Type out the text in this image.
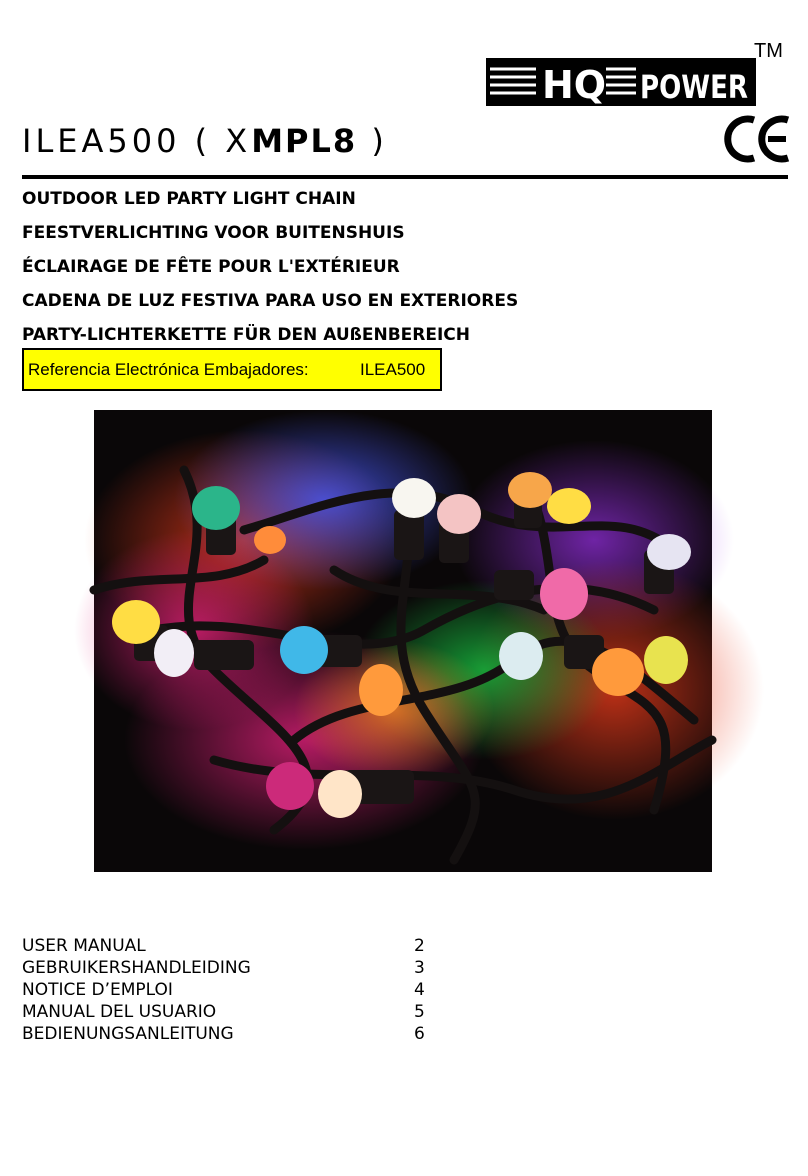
HQ POWER
TM
ILEA500 ( XMPL8 )
OUTDOOR LED PARTY LIGHT CHAIN
FEESTVERLICHTING VOOR BUITENSHUIS
ÉCLAIRAGE DE FÊTE POUR L'EXTÉRIEUR
CADENA DE LUZ FESTIVA PARA USO EN EXTERIORES
PARTY-LICHTERKETTE FÜR DEN AUßENBEREICH
Referencia Electrónica Embajadores:	ILEA500
USER MANUAL	2
GEBRUIKERSHANDLEIDING	3
NOTICE D’EMPLOI	4
MANUAL DEL USUARIO	5
BEDIENUNGSANLEITUNG	6
